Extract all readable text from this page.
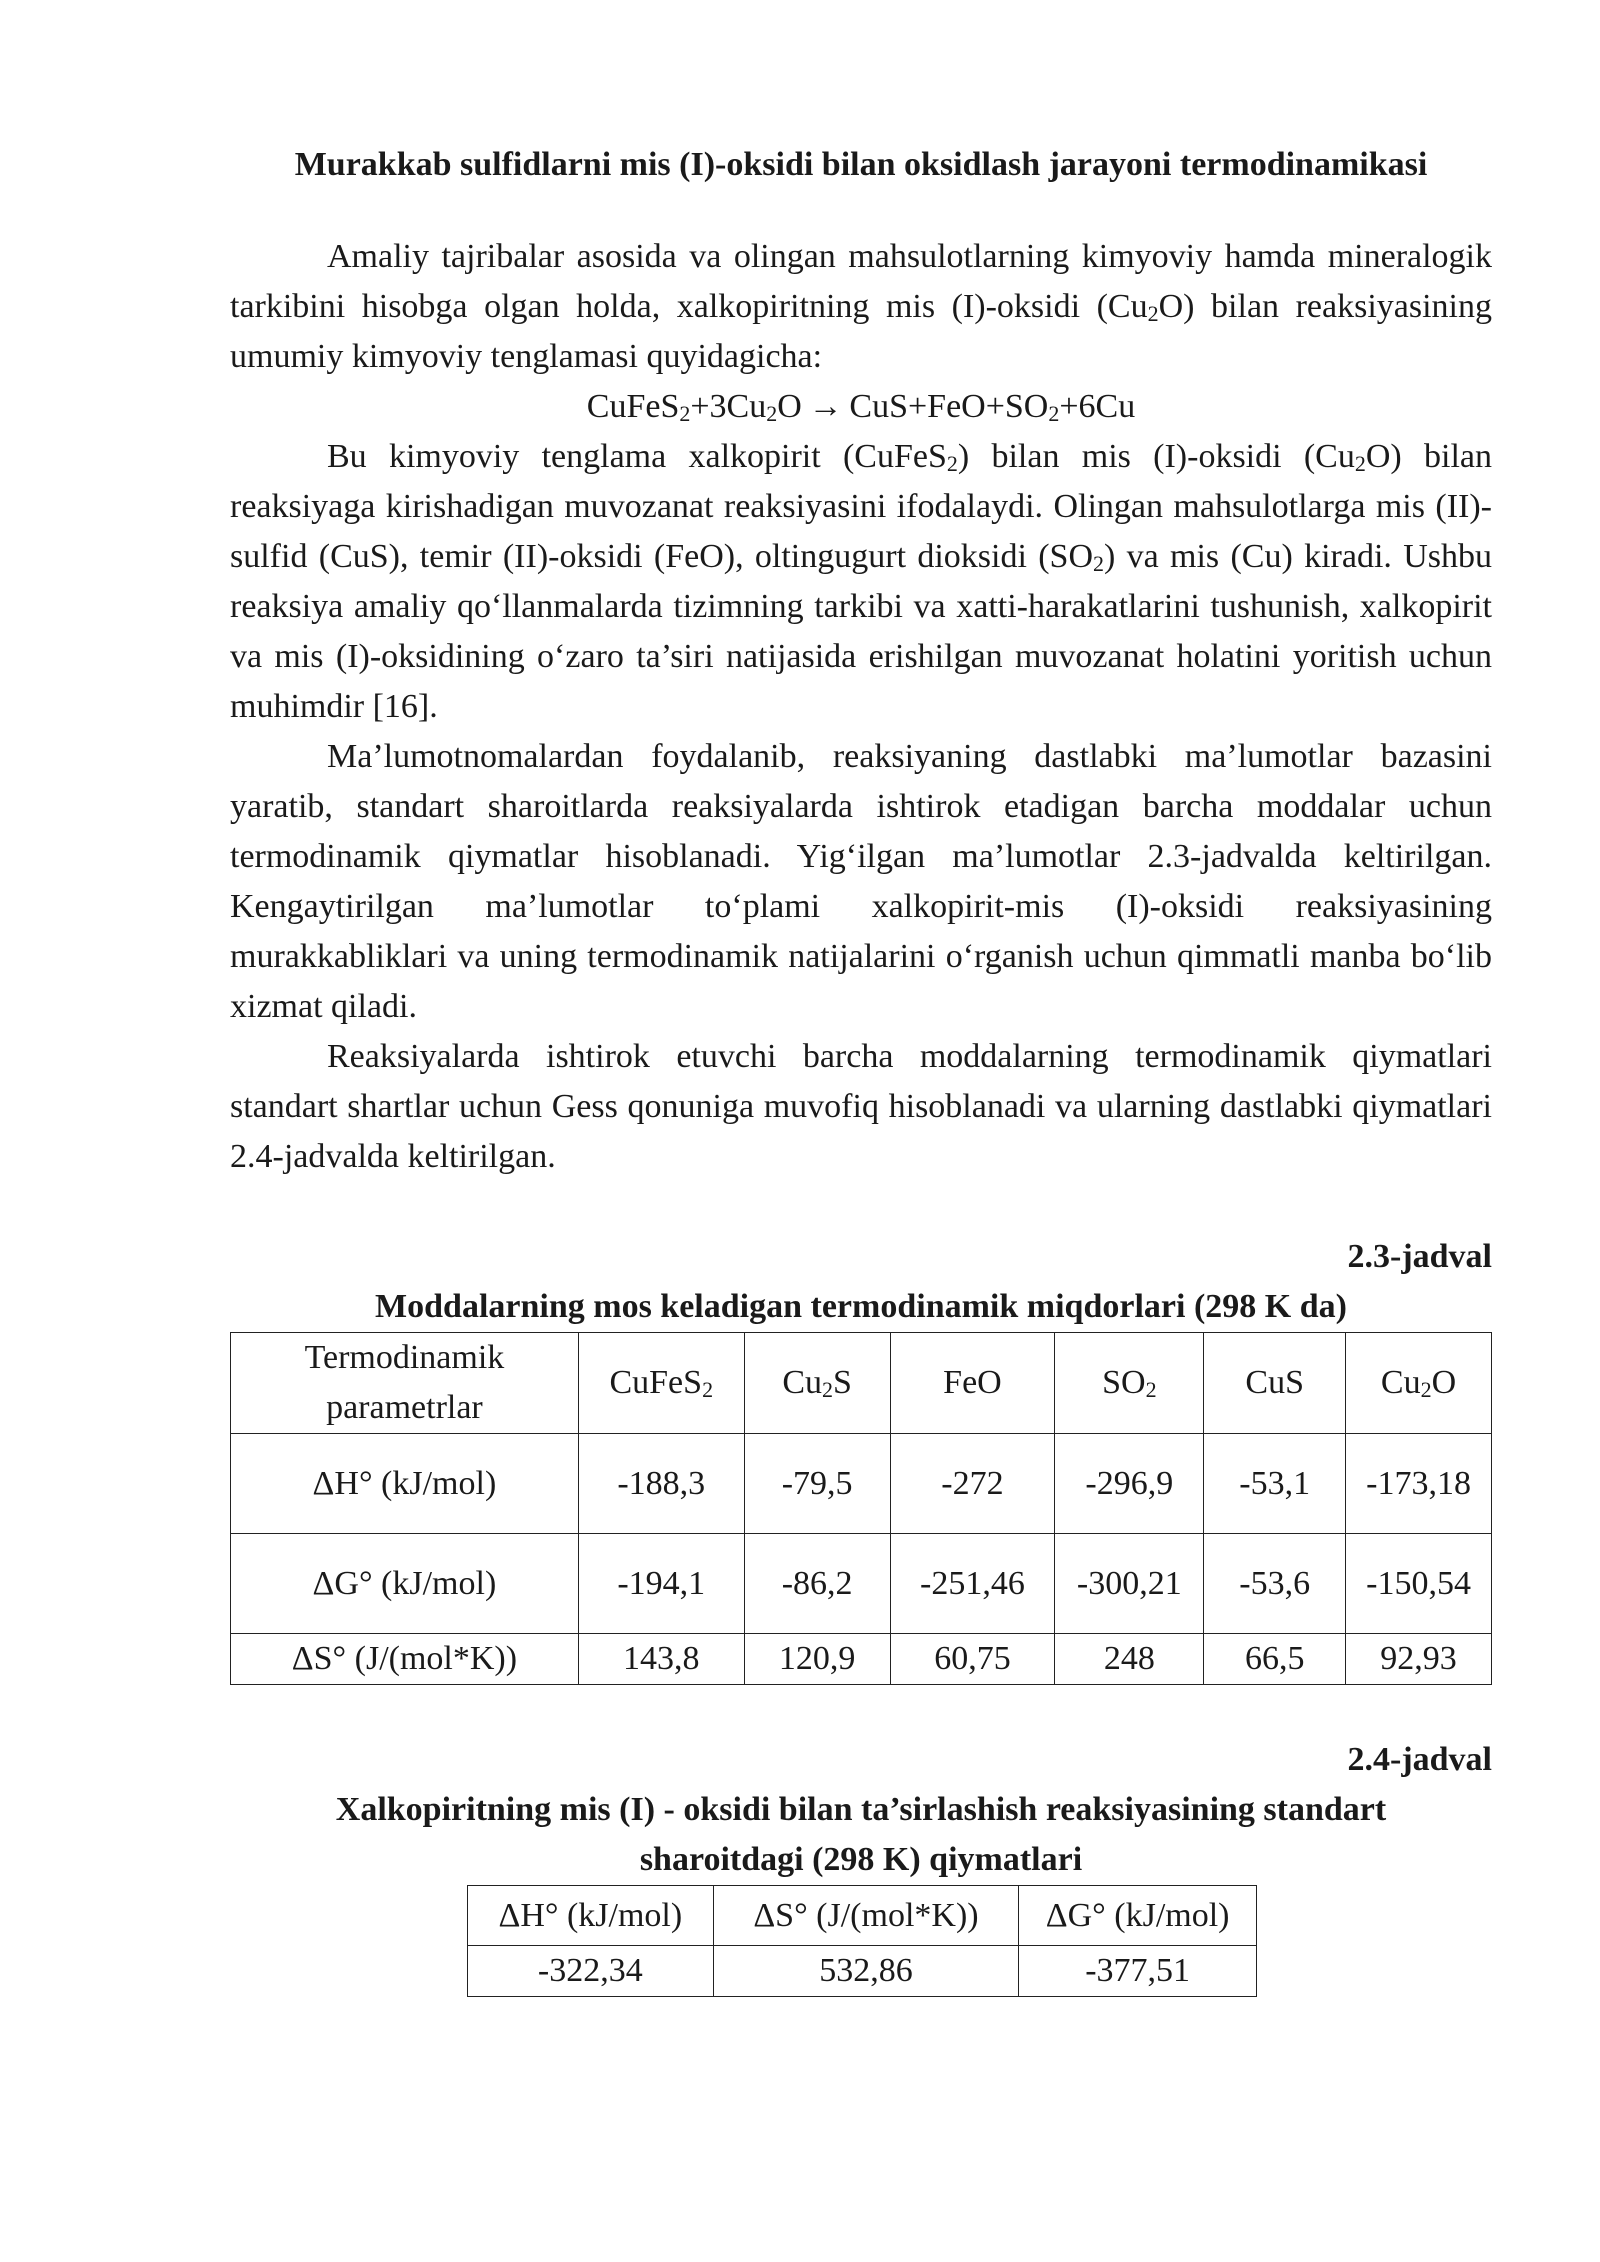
Murakkab sulfidlarni mis (I)-oksidi bilan oksidlash jarayoni termodinamikasi

Amaliy tajribalar asosida va olingan mahsulotlarning kimyoviy hamda mineralogik tarkibini hisobga olgan holda, xalkopiritning mis (I)-oksidi $(Cu_2O)$ bilan reaksiyasining umumiy kimyoviy tenglamasi quyidagicha:

$CuFeS_2+3Cu_2O \to CuS+FeO+SO_2+6Cu$

Bu kimyoviy tenglama xalkopirit (CuFeS$_2$) bilan mis (I)-oksidi $(Cu_2O)$ bilan reaksiyaga kirishadigan muvozanat reaksiyasini ifodalaydi. Olingan mahsulotlarga mis (II)-sulfid (CuS), temir (II)-oksidi (FeO), oltingugurt dioksidi $(SO_2)$ va mis (Cu) kiradi. Ushbu reaksiya amaliy qo‘llanmalarda tizimning tarkibi va xatti-harakatlarini tushunish, xalkopirit va mis (I)-oksidining o‘zaro ta’siri natijasida erishilgan muvozanat holatini yoritish uchun muhimdir [16].

Ma’lumotnomalardan foydalanib, reaksiyaning dastlabki ma’lumotlar bazasini yaratib, standart sharoitlarda reaksiyalarda ishtirok etadigan barcha moddalar uchun termodinamik qiymatlar hisoblanadi. Yig‘ilgan ma’lumotlar 2.3-jadvalda keltirilgan. Kengaytirilgan ma’lumotlar to‘plami xalkopirit-mis (I)-oksidi reaksiyasining murakkabliklari va uning termodinamik natijalarini o‘rganish uchun qimmatli manba bo‘lib xizmat qiladi.

Reaksiyalarda ishtirok etuvchi barcha moddalarning termodinamik qiymatlari standart shartlar uchun Gess qonuniga muvofiq hisoblanadi va ularning dastlabki qiymatlari 2.4-jadvalda keltirilgan.

2.3-jadval

Moddalarning mos keladigan termodinamik miqdorlari (298 K da)

Termodinamik parametrlar	CuFeS$_2$	$Cu_2S$	FeO	$SO_2$	CuS	$Cu_2O$
ΔH° (kJ/mol)	-188,3	-79,5	-272	-296,9	-53,1	-173,18
ΔG° (kJ/mol)	-194,1	-86,2	-251,46	-300,21	-53,6	-150,54
ΔS° (J/(mol*K))	143,8	120,9	60,75	248	66,5	92,93

2.4-jadval

Xalkopiritning mis (I) - oksidi bilan ta’sirlashish reaksiyasining standart

sharoitdagi (298 K) qiymatlari

ΔH° (kJ/mol)	ΔS° (J/(mol*K))	ΔG° (kJ/mol)
-322,34	532,86	-377,51
